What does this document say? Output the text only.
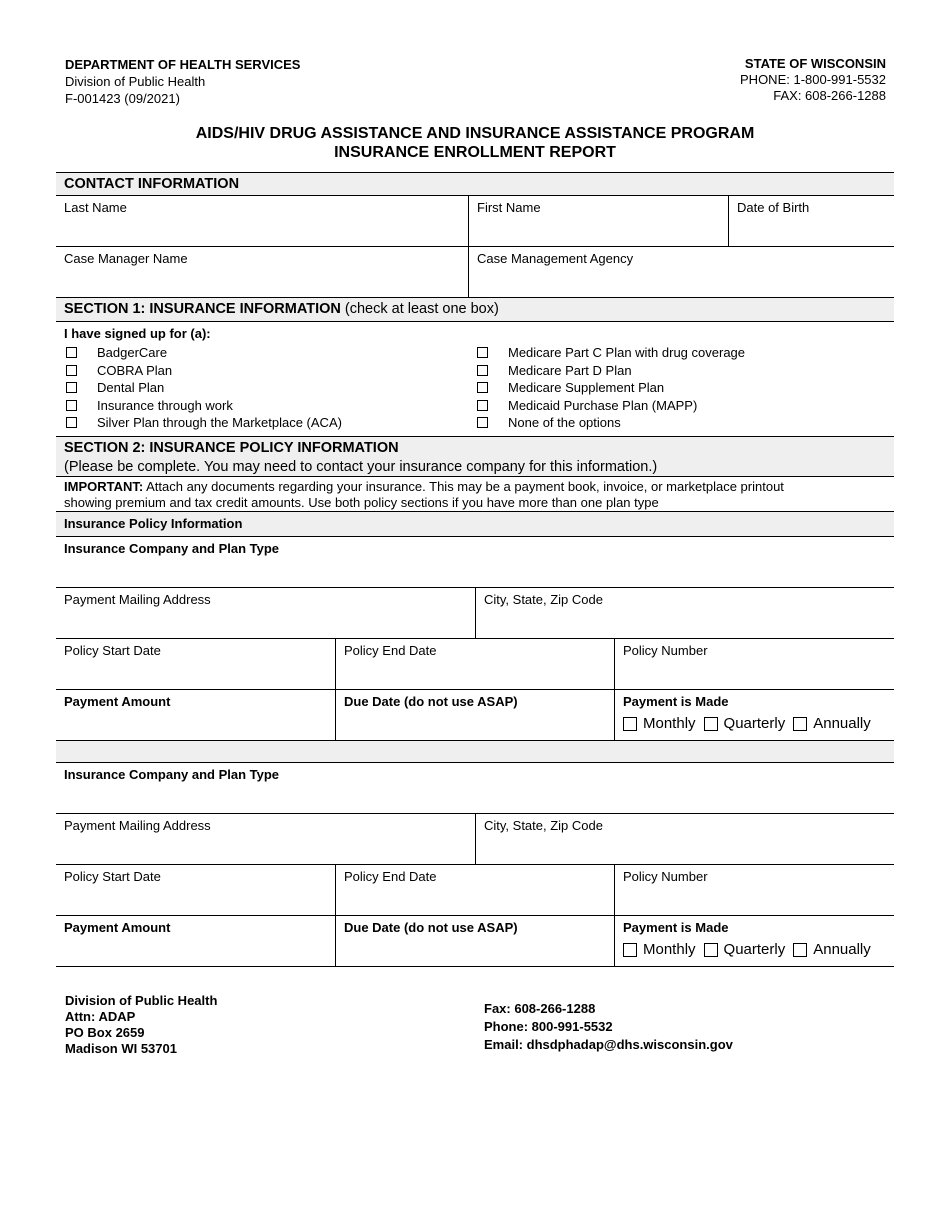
DEPARTMENT OF HEALTH SERVICES
Division of Public Health
F-001423 (09/2021)
STATE OF WISCONSIN
PHONE: 1-800-991-5532
FAX: 608-266-1288
AIDS/HIV DRUG ASSISTANCE AND INSURANCE ASSISTANCE PROGRAM
INSURANCE ENROLLMENT REPORT
CONTACT INFORMATION
Last Name	First Name	Date of Birth
Case Manager Name	Case Management Agency
SECTION 1: INSURANCE INFORMATION (check at least one box)
I have signed up for (a):
BadgerCare
COBRA Plan
Dental Plan
Insurance through work
Silver Plan through the Marketplace (ACA)
Medicare Part C Plan with drug coverage
Medicare Part D Plan
Medicare Supplement Plan
Medicaid Purchase Plan (MAPP)
None of the options
SECTION 2: INSURANCE POLICY INFORMATION
(Please be complete. You may need to contact your insurance company for this information.)
IMPORTANT: Attach any documents regarding your insurance. This may be a payment book, invoice, or marketplace printout showing premium and tax credit amounts. Use both policy sections if you have more than one plan type
Insurance Policy Information
Insurance Company and Plan Type
Payment Mailing Address	City, State, Zip Code
Policy Start Date	Policy End Date	Policy Number
Payment Amount	Due Date (do not use ASAP)	Payment is Made
Monthly Quarterly Annually
Insurance Company and Plan Type
Payment Mailing Address	City, State, Zip Code
Policy Start Date	Policy End Date	Policy Number
Payment Amount	Due Date (do not use ASAP)	Payment is Made
Monthly Quarterly Annually
Division of Public Health
Attn: ADAP
PO Box 2659
Madison WI 53701
Fax: 608-266-1288
Phone: 800-991-5532
Email: dhsdphadap@dhs.wisconsin.gov
